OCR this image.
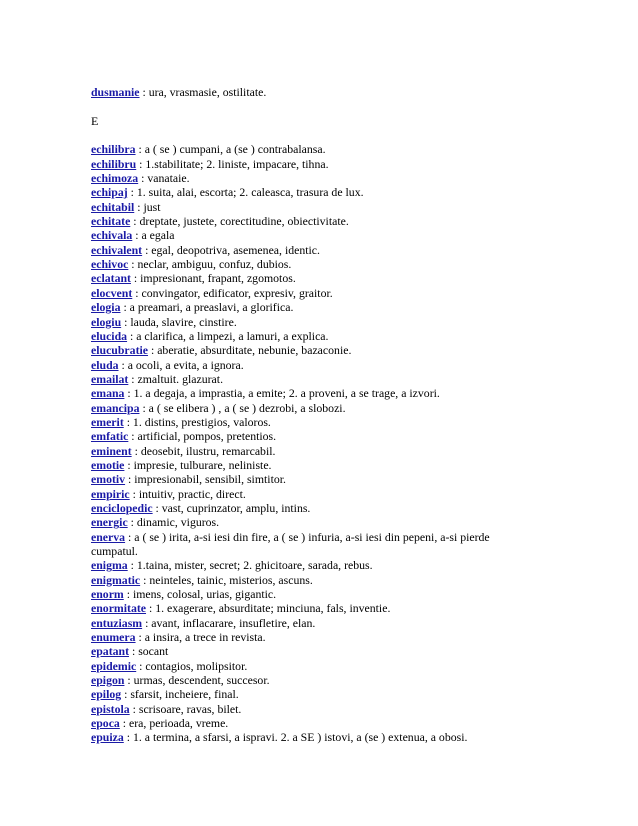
dusmanie : ura, vrasmasie, ostilitate.
E
echilibra : a ( se ) cumpani, a (se ) contrabalansa.
echilibru : 1.stabilitate; 2. liniste, impacare, tihna.
echimoza : vanataie.
echipaj : 1. suita, alai, escorta; 2. caleasca, trasura de lux.
echitabil : just
echitate : dreptate, justete, corectitudine, obiectivitate.
echivala : a egala
echivalent : egal, deopotriva, asemenea, identic.
echivoc : neclar, ambiguu, confuz, dubios.
eclatant : impresionant, frapant, zgomotos.
elocvent : convingator, edificator, expresiv, graitor.
elogia : a preamari, a preaslavi, a glorifica.
elogiu : lauda, slavire, cinstire.
elucida : a clarifica, a limpezi, a lamuri, a explica.
elucubratie : aberatie, absurditate, nebunie, bazaconie.
eluda : a ocoli, a evita, a ignora.
emailat : zmaltuit. glazurat.
emana : 1. a degaja, a imprastia, a emite; 2. a proveni, a se trage, a izvori.
emancipa : a ( se elibera ) , a ( se ) dezrobi, a slobozi.
emerit : 1. distins, prestigios, valoros.
emfatic : artificial, pompos, pretentios.
eminent : deosebit, ilustru, remarcabil.
emotie : impresie, tulburare, neliniste.
emotiv : impresionabil, sensibil, simtitor.
empiric : intuitiv, practic, direct.
enciclopedic : vast, cuprinzator, amplu, intins.
energic : dinamic, viguros.
enerva : a ( se ) irita, a-si iesi din fire, a ( se ) infuria, a-si iesi din pepeni, a-si pierde cumpatul.
enigma : 1.taina, mister, secret; 2. ghicitoare, sarada, rebus.
enigmatic : neinteles, tainic, misterios, ascuns.
enorm : imens, colosal, urias, gigantic.
enormitate : 1. exagerare, absurditate; minciuna, fals, inventie.
entuziasm : avant, inflacarare, insufletire, elan.
enumera : a insira, a trece in revista.
epatant : socant
epidemic : contagios, molipsitor.
epigon : urmas, descendent, succesor.
epilog : sfarsit, incheiere, final.
epistola : scrisoare, ravas, bilet.
epoca : era, perioada, vreme.
epuiza : 1. a termina, a sfarsi, a ispravi. 2. a SE ) istovi, a (se ) extenua, a obosi.
